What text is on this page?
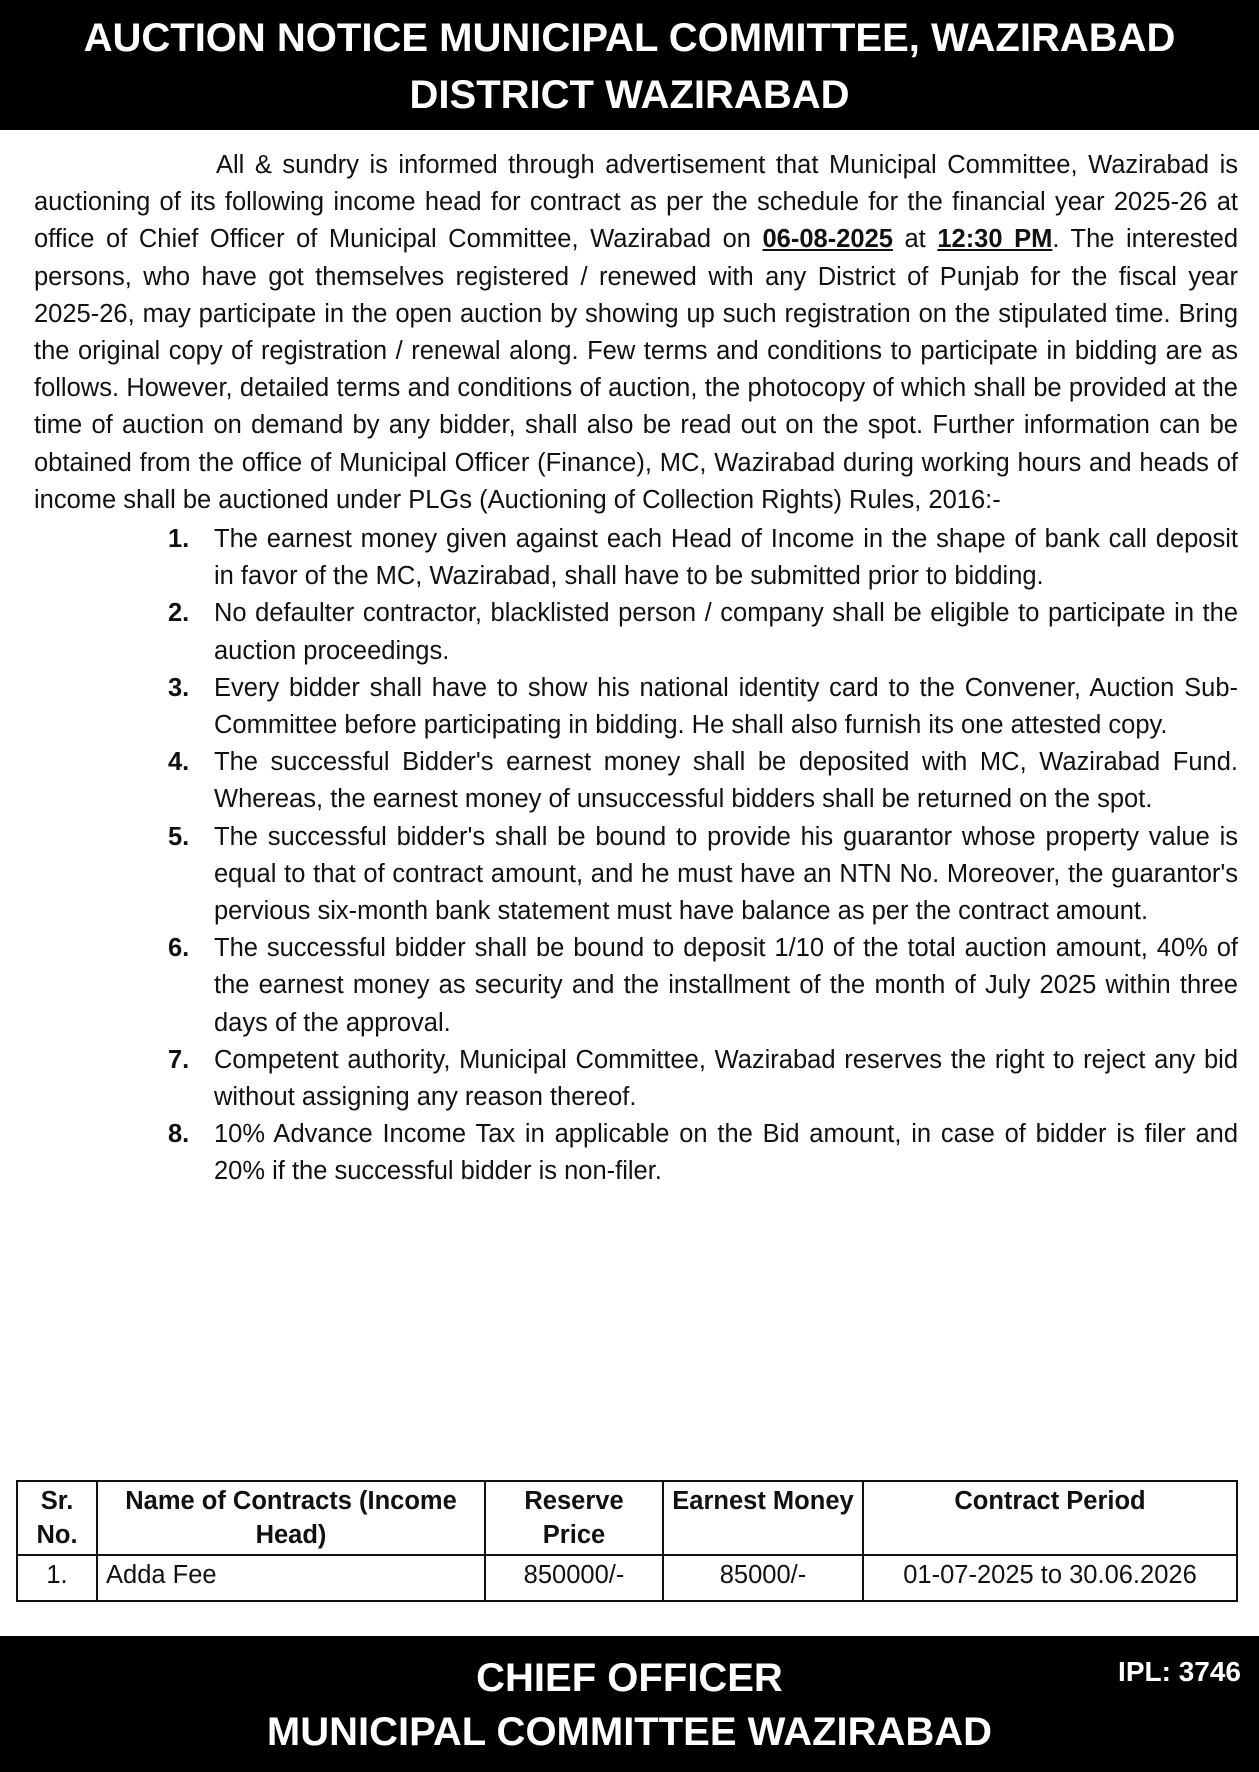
AUCTION NOTICE MUNICIPAL COMMITTEE, WAZIRABAD
DISTRICT WAZIRABAD

All & sundry is informed through advertisement that Municipal Committee, Wazirabad is auctioning of its following income head for contract as per the schedule for the financial year 2025-26 at office of Chief Officer of Municipal Committee, Wazirabad on 06-08-2025 at 12:30 PM. The interested persons, who have got themselves registered / renewed with any District of Punjab for the fiscal year 2025-26, may participate in the open auction by showing up such registration on the stipulated time. Bring the original copy of registration / renewal along. Few terms and conditions to participate in bidding are as follows. However, detailed terms and conditions of auction, the photocopy of which shall be provided at the time of auction on demand by any bidder, shall also be read out on the spot. Further information can be obtained from the office of Municipal Officer (Finance), MC, Wazirabad during working hours and heads of income shall be auctioned under PLGs (Auctioning of Collection Rights) Rules, 2016:-

1. The earnest money given against each Head of Income in the shape of bank call deposit in favor of the MC, Wazirabad, shall have to be submitted prior to bidding.
2. No defaulter contractor, blacklisted person / company shall be eligible to participate in the auction proceedings.
3. Every bidder shall have to show his national identity card to the Convener, Auction Sub-Committee before participating in bidding. He shall also furnish its one attested copy.
4. The successful Bidder's earnest money shall be deposited with MC, Wazirabad Fund. Whereas, the earnest money of unsuccessful bidders shall be returned on the spot.
5. The successful bidder's shall be bound to provide his guarantor whose property value is equal to that of contract amount, and he must have an NTN No. Moreover, the guarantor's pervious six-month bank statement must have balance as per the contract amount.
6. The successful bidder shall be bound to deposit 1/10 of the total auction amount, 40% of the earnest money as security and the installment of the month of July 2025 within three days of the approval.
7. Competent authority, Municipal Committee, Wazirabad reserves the right to reject any bid without assigning any reason thereof.
8. 10% Advance Income Tax in applicable on the Bid amount, in case of bidder is filer and 20% if the successful bidder is non-filer.
Sr. No.	Name of Contracts (Income Head)	Reserve Price	Earnest Money	Contract Period
1.	Adda Fee	850000/-	85000/-	01-07-2025 to 30.06.2026
CHIEF OFFICER
MUNICIPAL COMMITTEE WAZIRABAD
IPL: 3746
